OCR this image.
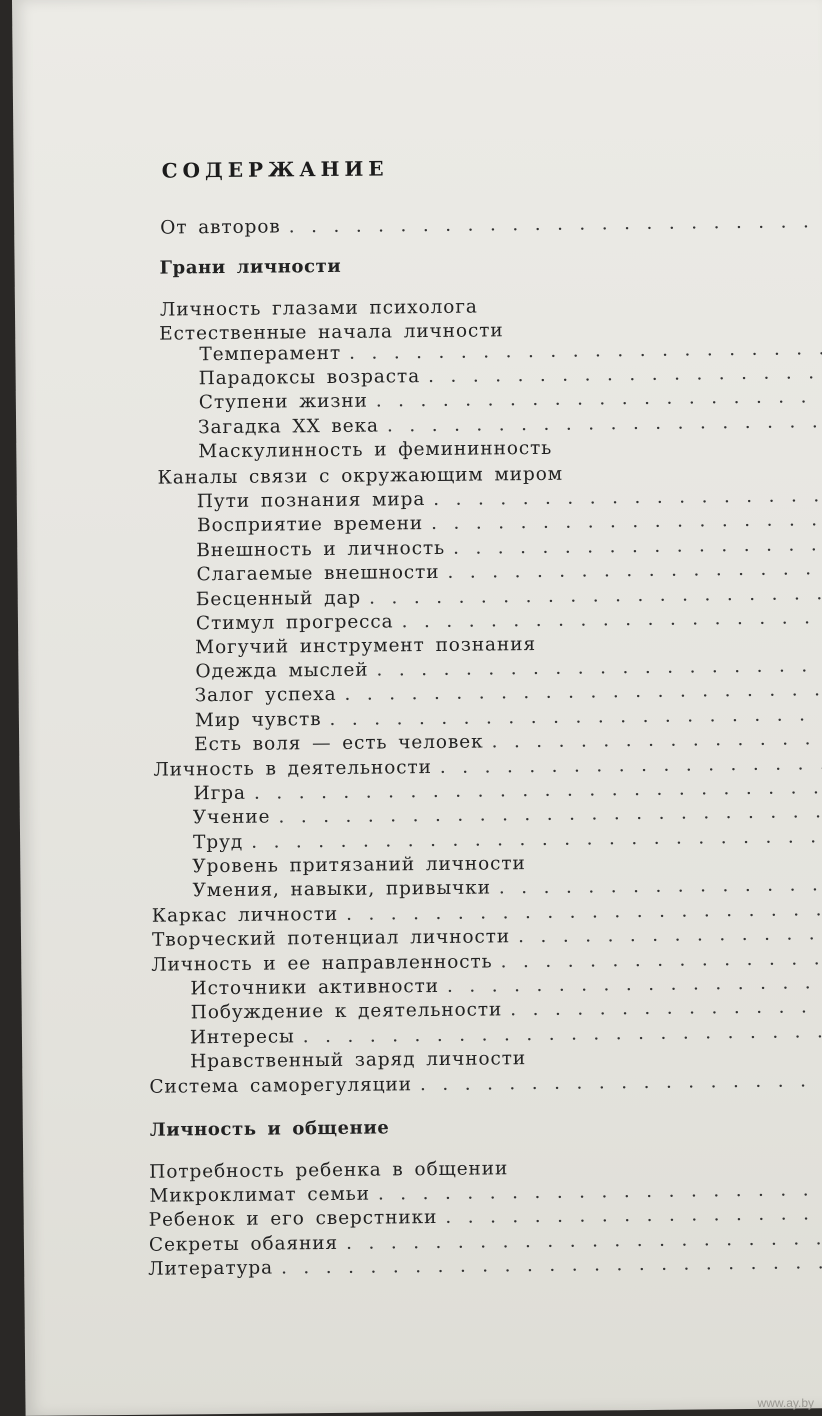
СОДЕРЖАНИЕ
От авторов . .
Грани личности
Личность глазами психолога
Естественные начала личности
Темперамент . .
Парадоксы возраста . .
Ступени жизни . .
Загадка XX века . .
Маскулинность и фемининность
Каналы связи с окружающим миром
Пути познания мира . .
Восприятие времени . .
Внешность и личность . .
Слагаемые внешности . .
Бесценный дар . .
Стимул прогресса . .
Могучий инструмент познания
Одежда мыслей . .
Залог успеха . .
Мир чувств . .
Есть воля — есть человек . .
Личность в деятельности . .
Игра . .
Учение . .
Труд . .
Уровень притязаний личности
Умения, навыки, привычки . .
Каркас личности . .
Творческий потенциал личности . .
Личность и ее направленность . .
Источники активности . .
Побуждение к деятельности . .
Интересы . .
Нравственный заряд личности
Система саморегуляции . .
Личность и общение
Потребность ребенка в общении
Микроклимат семьи . .
Ребенок и его сверстники . .
Секреты обаяния . .
Литература . .
www.ay.by
